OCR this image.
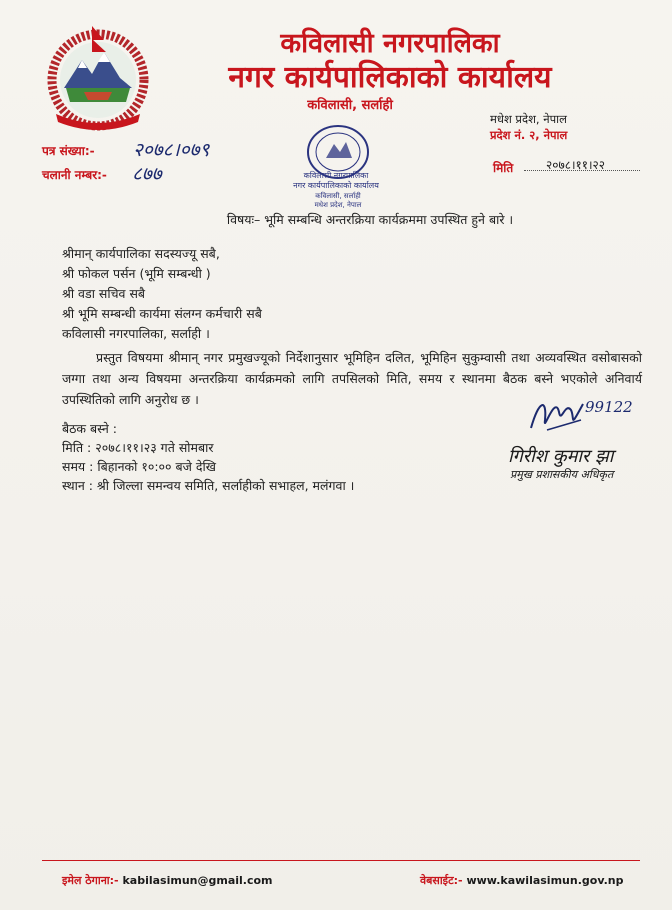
कविलासी नगरपालिका
नगर कार्यपालिकाको कार्यालय
कविलासी, सर्लाही
मधेश प्रदेश, नेपाल
प्रदेश नं. २, नेपाल
पत्र संख्या:- २०७८।०७९
चलानी नम्बर:- ८७७	मिति	२०७८।११।२२
कविलासी नगरपालिका
नगर कार्यपालिकाको कार्यालय
कविलासी, सर्लाही
मधेश प्रदेश, नेपाल
विषयः– भूमि सम्बन्धि अन्तरक्रिया कार्यक्रममा उपस्थित हुने बारे ।
श्रीमान् कार्यपालिका सदस्यज्यू सबै,
श्री फोकल पर्सन (भूमि सम्बन्धी )
श्री वडा सचिव सबै
श्री भूमि सम्बन्धी कार्यमा संलग्न कर्मचारी सबै
कविलासी नगरपालिका, सर्लाही ।
प्रस्तुत विषयमा श्रीमान् नगर प्रमुखज्यूको निर्देशानुसार भूमिहिन दलित, भूमिहिन सुकुम्वासी तथा अव्यवस्थित वसोबासको जग्गा तथा अन्य विषयमा अन्तरक्रिया कार्यक्रमको लागि तपसिलको मिति, समय र स्थानमा बैठक बस्ने भएकोले अनिवार्य उपस्थितिको लागि अनुरोध छ ।
बैठक बस्ने :
मिति : २०७८।११।२३ गते सोमबार
समय : बिहानको १०:०० बजे देखि
स्थान : श्री जिल्ला समन्वय समिति, सर्लाहीको सभाहल, मलंगवा ।
99122
गिरीश कुमार झा
प्रमुख प्रशासकीय अधिकृत
इमेल ठेगाना:- kabilasimun@gmail.com	वेबसाईट:- www.kawilasimun.gov.np
